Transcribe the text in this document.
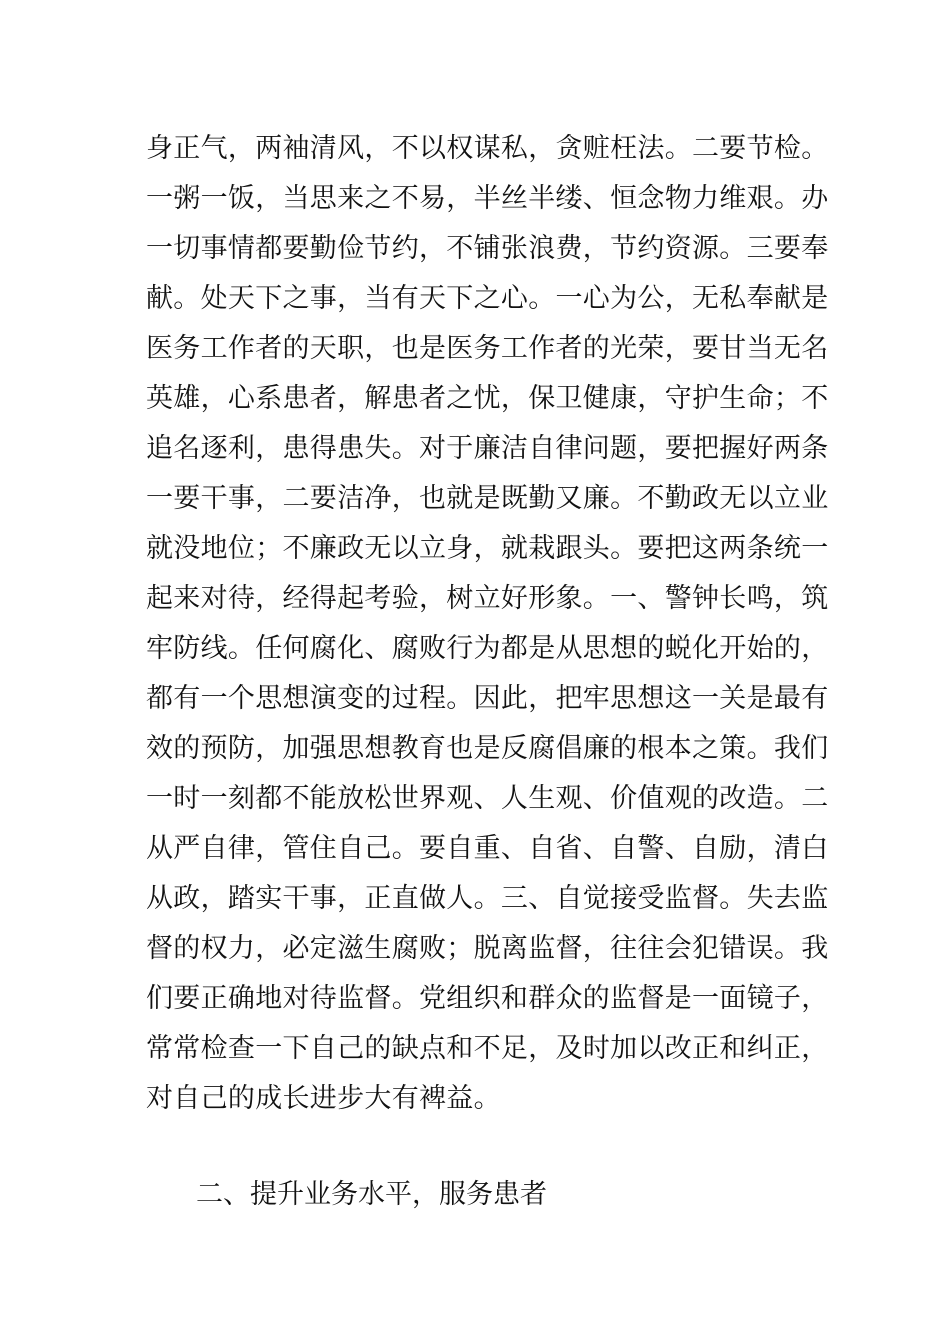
身正气，两袖清风，不以权谋私，贪赃枉法。二要节检。
一粥一饭，当思来之不易，半丝半缕、恒念物力维艰。办
一切事情都要勤俭节约，不铺张浪费，节约资源。三要奉
献。处天下之事，当有天下之心。一心为公，无私奉献是
医务工作者的天职，也是医务工作者的光荣，要甘当无名
英雄，心系患者，解患者之忧，保卫健康，守护生命；不
追名逐利，患得患失。对于廉洁自律问题，要把握好两条
一要干事，二要洁净，也就是既勤又廉。不勤政无以立业
就没地位；不廉政无以立身，就栽跟头。要把这两条统一
起来对待，经得起考验，树立好形象。一、警钟长鸣，筑
牢防线。任何腐化、腐败行为都是从思想的蜕化开始的，
都有一个思想演变的过程。因此，把牢思想这一关是最有
效的预防，加强思想教育也是反腐倡廉的根本之策。我们
一时一刻都不能放松世界观、人生观、价值观的改造。二
从严自律，管住自己。要自重、自省、自警、自励，清白
从政，踏实干事，正直做人。三、自觉接受监督。失去监
督的权力，必定滋生腐败；脱离监督，往往会犯错误。我
们要正确地对待监督。党组织和群众的监督是一面镜子，
常常检查一下自己的缺点和不足，及时加以改正和纠正，
对自己的成长进步大有裨益。
二、提升业务水平，服务患者
